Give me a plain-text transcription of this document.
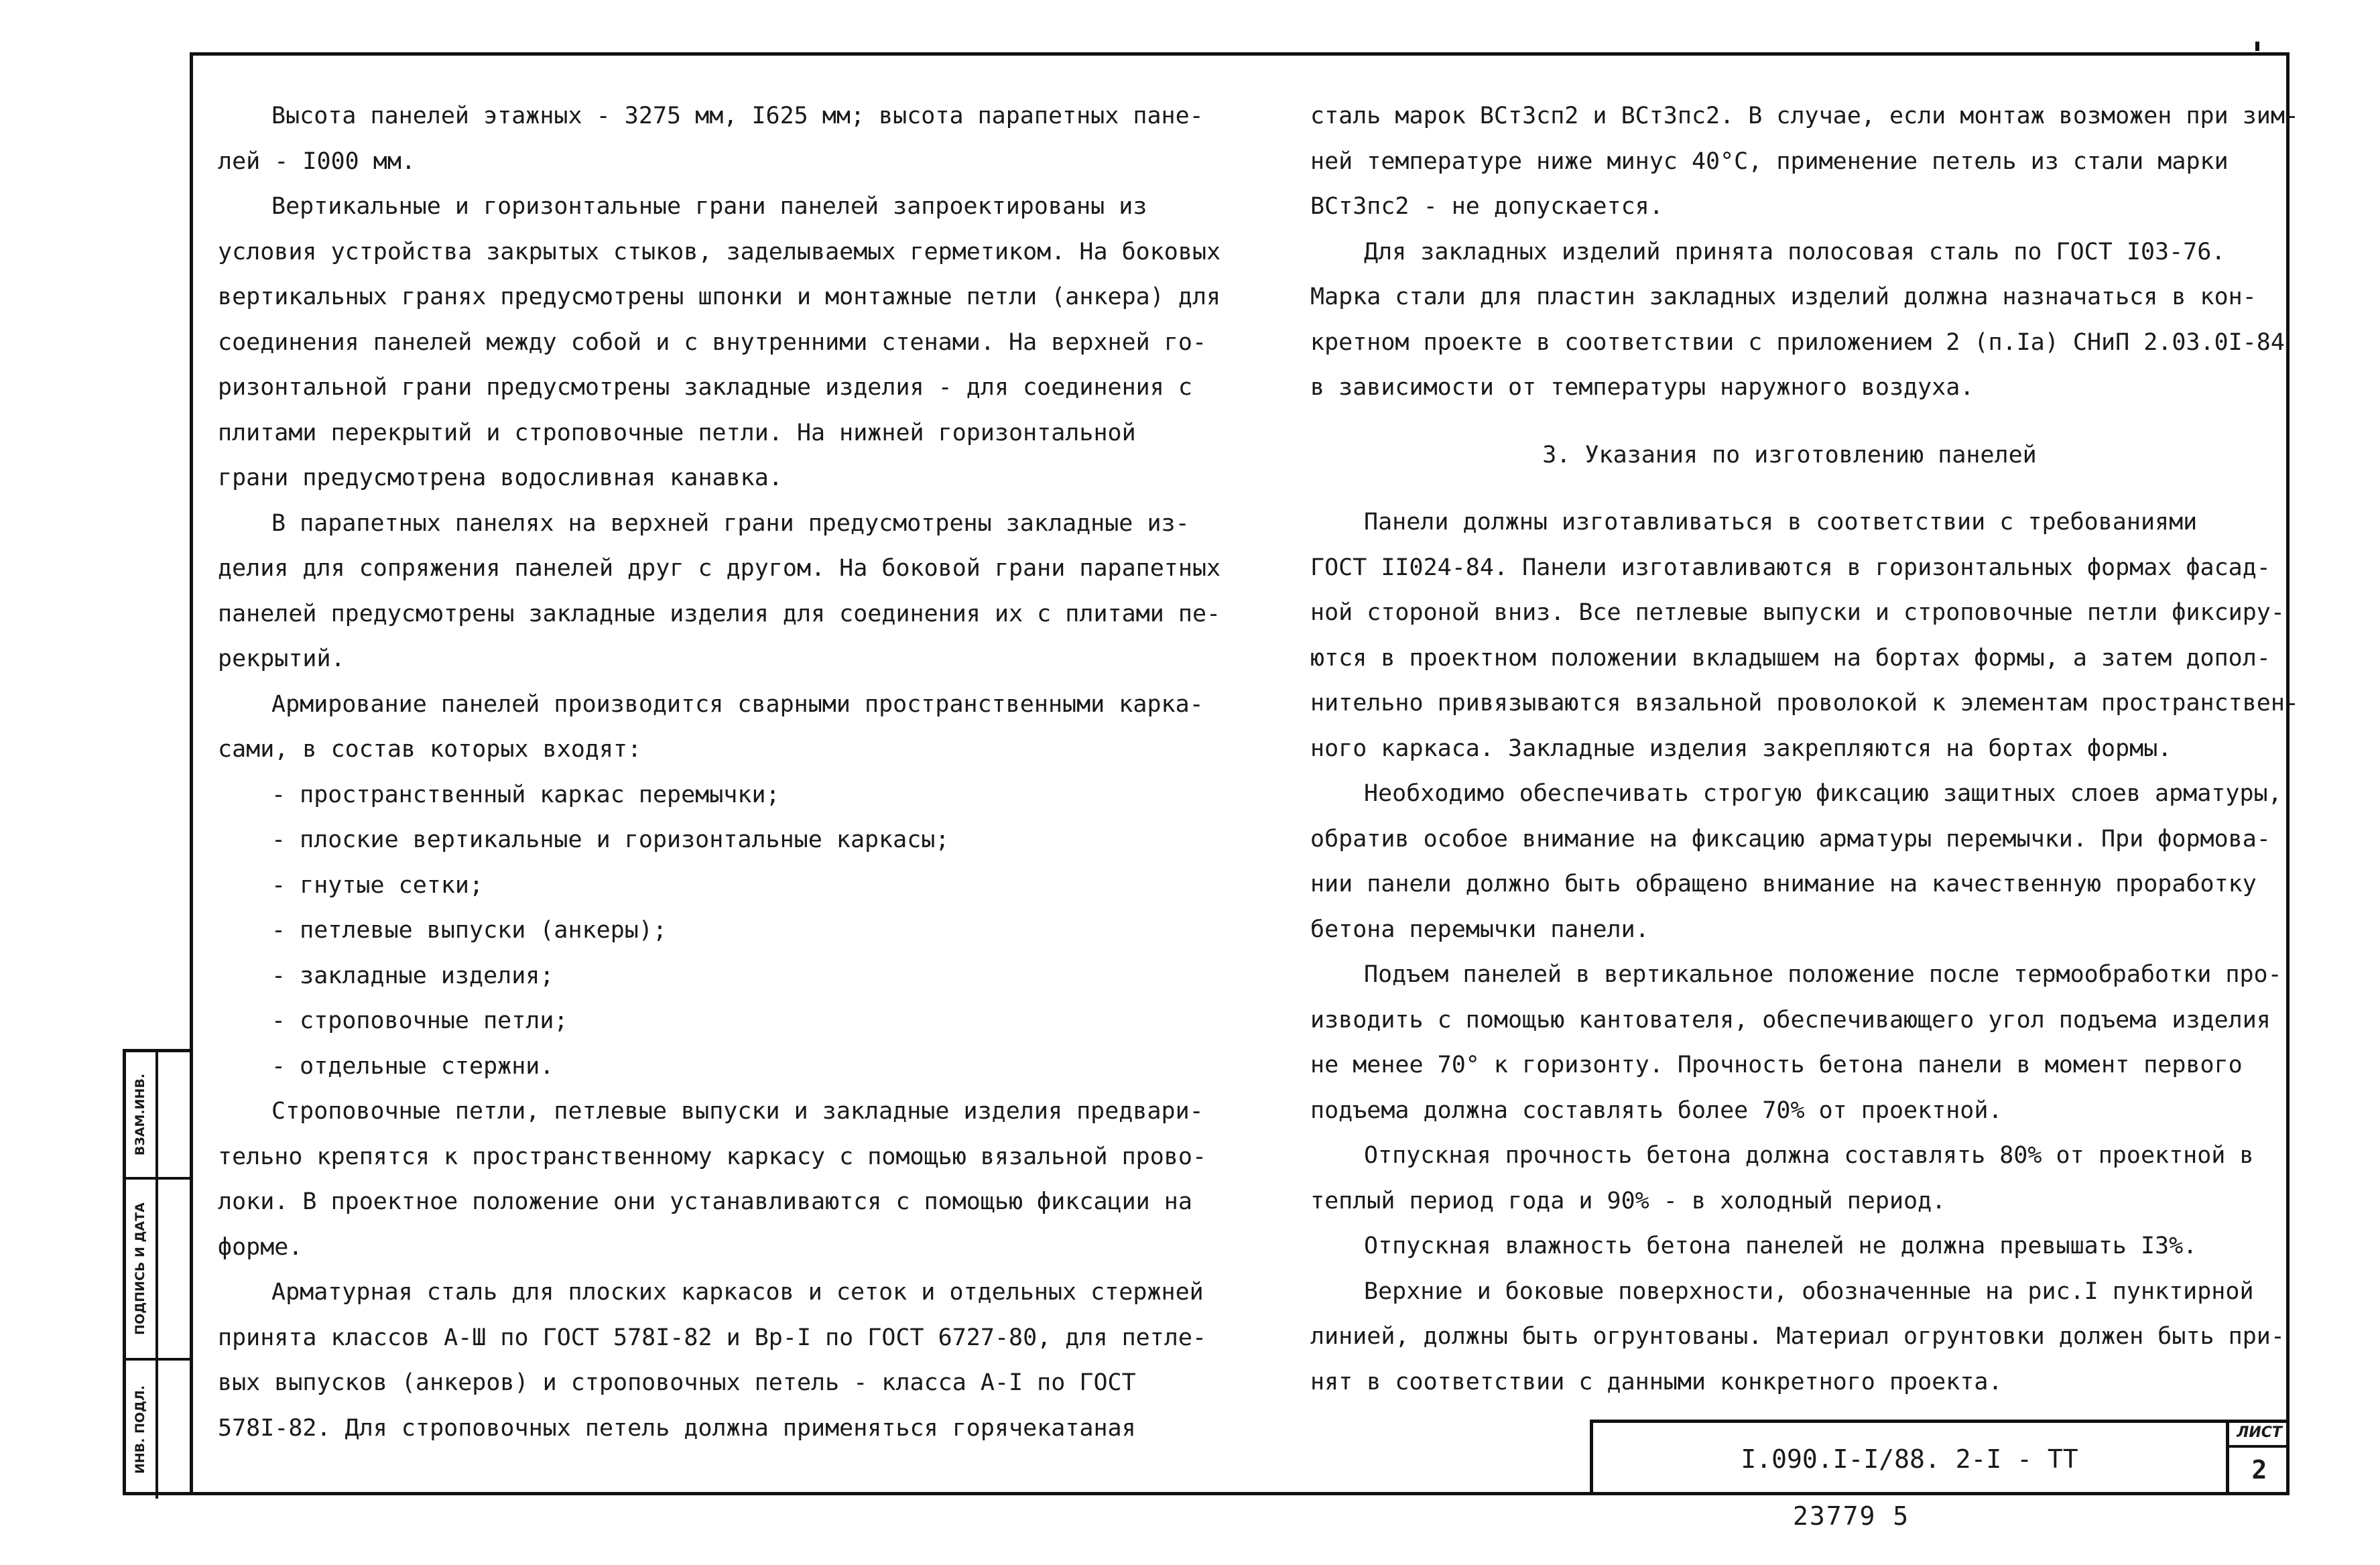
Высота панелей этажных - 3275 мм, I625 мм; высота парапетных пане-
лей - I000 мм.
Вертикальные и горизонтальные грани панелей запроектированы из
условия устройства закрытых стыков, заделываемых герметиком. На боковых
вертикальных гранях предусмотрены шпонки и монтажные петли (анкера) для
соединения панелей между собой и с внутренними стенами. На верхней го-
ризонтальной грани предусмотрены закладные изделия - для соединения с
плитами перекрытий и строповочные петли. На нижней горизонтальной
грани предусмотрена водосливная канавка.
В парапетных панелях на верхней грани предусмотрены закладные из-
делия для сопряжения панелей друг с другом. На боковой грани парапетных
панелей предусмотрены закладные изделия для соединения их с плитами пе-
рекрытий.
Армирование панелей производится сварными пространственными карка-
сами, в состав которых входят:
- пространственный каркас перемычки;
- плоские вертикальные и горизонтальные каркасы;
- гнутые сетки;
- петлевые выпуски (анкеры);
- закладные изделия;
- строповочные петли;
- отдельные стержни.
Строповочные петли, петлевые выпуски и закладные изделия предвари-
тельно крепятся к пространственному каркасу с помощью вязальной прово-
локи. В проектное положение они устанавливаются с помощью фиксации на
форме.
Арматурная сталь для плоских каркасов и сеток и отдельных стержней
принята классов А-Ш по ГОСТ 578I-82 и Вр-I по ГОСТ 6727-80, для петле-
вых выпусков (анкеров) и строповочных петель - класса А-I по ГОСТ
578I-82. Для строповочных петель должна применяться горячекатаная
сталь марок ВСт3сп2 и ВСт3пс2. В случае, если монтаж возможен при зим-
ней температуре ниже минус 40°С, применение петель из стали марки
ВСт3пс2 - не допускается.
Для закладных изделий принята полосовая сталь по ГОСТ I03-76.
Марка стали для пластин закладных изделий должна назначаться в кон-
кретном проекте в соответствии с приложением 2 (п.Iа) СНиП 2.03.0I-84
в зависимости от температуры наружного воздуха.
3. Указания по изготовлению панелей
Панели должны изготавливаться в соответствии с требованиями
ГОСТ II024-84. Панели изготавливаются в горизонтальных формах фасад-
ной стороной вниз. Все петлевые выпуски и строповочные петли фиксиру-
ются в проектном положении вкладышем на бортах формы, а затем допол-
нительно привязываются вязальной проволокой к элементам пространствен-
ного каркаса. Закладные изделия закрепляются на бортах формы.
Необходимо обеспечивать строгую фиксацию защитных слоев арматуры,
обратив особое внимание на фиксацию арматуры перемычки. При формова-
нии панели должно быть обращено внимание на качественную проработку
бетона перемычки панели.
Подъем панелей в вертикальное положение после термообработки про-
изводить с помощью кантователя, обеспечивающего угол подъема изделия
не менее 70° к горизонту. Прочность бетона панели в момент первого
подъема должна составлять более 70% от проектной.
Отпускная прочность бетона должна составлять 80% от проектной в
теплый период года и 90% - в холодный период.
Отпускная влажность бетона панелей не должна превышать I3%.
Верхние и боковые поверхности, обозначенные на рис.I пунктирной
линией, должны быть огрунтованы. Материал огрунтовки должен быть при-
нят в соответствии с данными конкретного проекта.
ВЗАМ.ИНВ.
ПОДПИСЬ И ДАТА
ИНВ. ПОДЛ.	I.090.I-I/88. 2-I - ТТ
ЛИСТ
2
23779 5
